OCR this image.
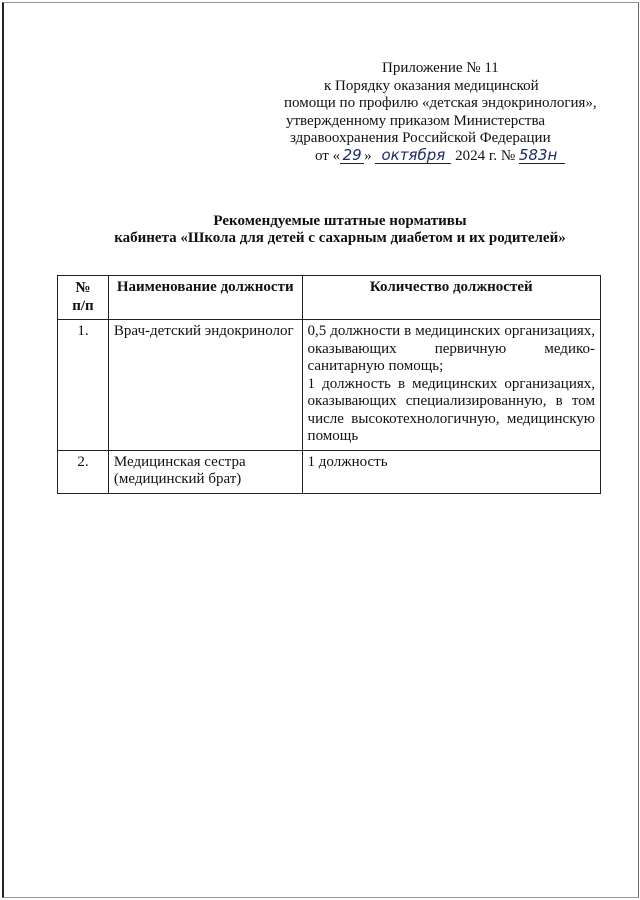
Приложение № 11
к Порядку оказания медицинской
помощи по профилю «детская эндокринология»,
утвержденному приказом Министерства
здравоохранения Российской Федерации
от « 29 » октября 2024 г. № 583н
Рекомендуемые штатные нормативы
кабинета «Школа для детей с сахарным диабетом и их родителей»
№
п/п	Наименование должности	Количество должностей
1.	Врач-детский эндокринолог	0,5 должности в медицинских организациях, оказывающих первичную медико-санитарную помощь;
1 должность в медицинских организациях, оказывающих специализированную, в том числе высокотехнологичную, медицинскую помощь

2.	Медицинская сестра (медицинский брат)	1 должность
